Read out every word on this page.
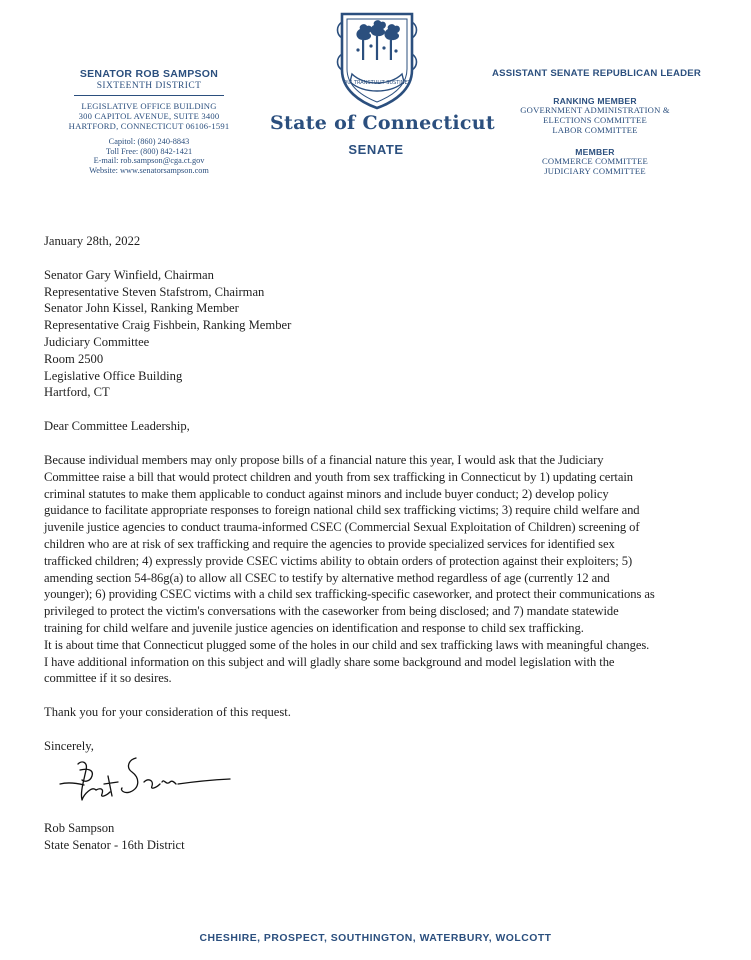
SENATOR ROB SAMPSON
SIXTEENTH DISTRICT
LEGISLATIVE OFFICE BUILDING
300 CAPITOL AVENUE, SUITE 3400
HARTFORD, CONNECTICUT 06106-1591
Capitol: (860) 240-8843
Toll Free: (800) 842-1421
E-mail: rob.sampson@cga.ct.gov
Website: www.senatorsampson.com
QUI TRANSTULIT SUSTINET
State of Connecticut
SENATE
ASSISTANT SENATE REPUBLICAN LEADER
RANKING MEMBER
GOVERNMENT ADMINISTRATION &
ELECTIONS COMMITTEE
LABOR COMMITTEE
MEMBER
COMMERCE COMMITTEE
JUDICIARY COMMITTEE

January 28th, 2022

Senator Gary Winfield, Chairman

Representative Steven Stafstrom, Chairman

Senator John Kissel, Ranking Member

Representative Craig Fishbein, Ranking Member

Judiciary Committee

Room 2500

Legislative Office Building

Hartford, CT

Dear Committee Leadership,

Because individual members may only propose bills of a financial nature this year, I would ask that the Judiciary

Committee raise a bill that would protect children and youth from sex trafficking in Connecticut by 1) updating certain

criminal statutes to make them applicable to conduct against minors and include buyer conduct; 2) develop policy

guidance to facilitate appropriate responses to foreign national child sex trafficking victims; 3) require child welfare and

juvenile justice agencies to conduct trauma-informed CSEC (Commercial Sexual Exploitation of Children) screening of

children who are at risk of sex trafficking and require the agencies to provide specialized services for identified sex

trafficked children; 4) expressly provide CSEC victims ability to obtain orders of protection against their exploiters; 5)

amending section 54-86g(a) to allow all CSEC to testify by alternative method regardless of age (currently 12 and

younger); 6) providing CSEC victims with a child sex trafficking-specific caseworker, and protect their communications as

privileged to protect the victim's conversations with the caseworker from being disclosed; and 7) mandate statewide

training for child welfare and juvenile justice agencies on identification and response to child sex trafficking.

It is about time that Connecticut plugged some of the holes in our child and sex trafficking laws with meaningful changes.

I have additional information on this subject and will gladly share some background and model legislation with the

committee if it so desires.

Thank you for your consideration of this request.

Sincerely,

Rob Sampson
State Senator - 16th District
CHESHIRE, PROSPECT, SOUTHINGTON, WATERBURY, WOLCOTT
